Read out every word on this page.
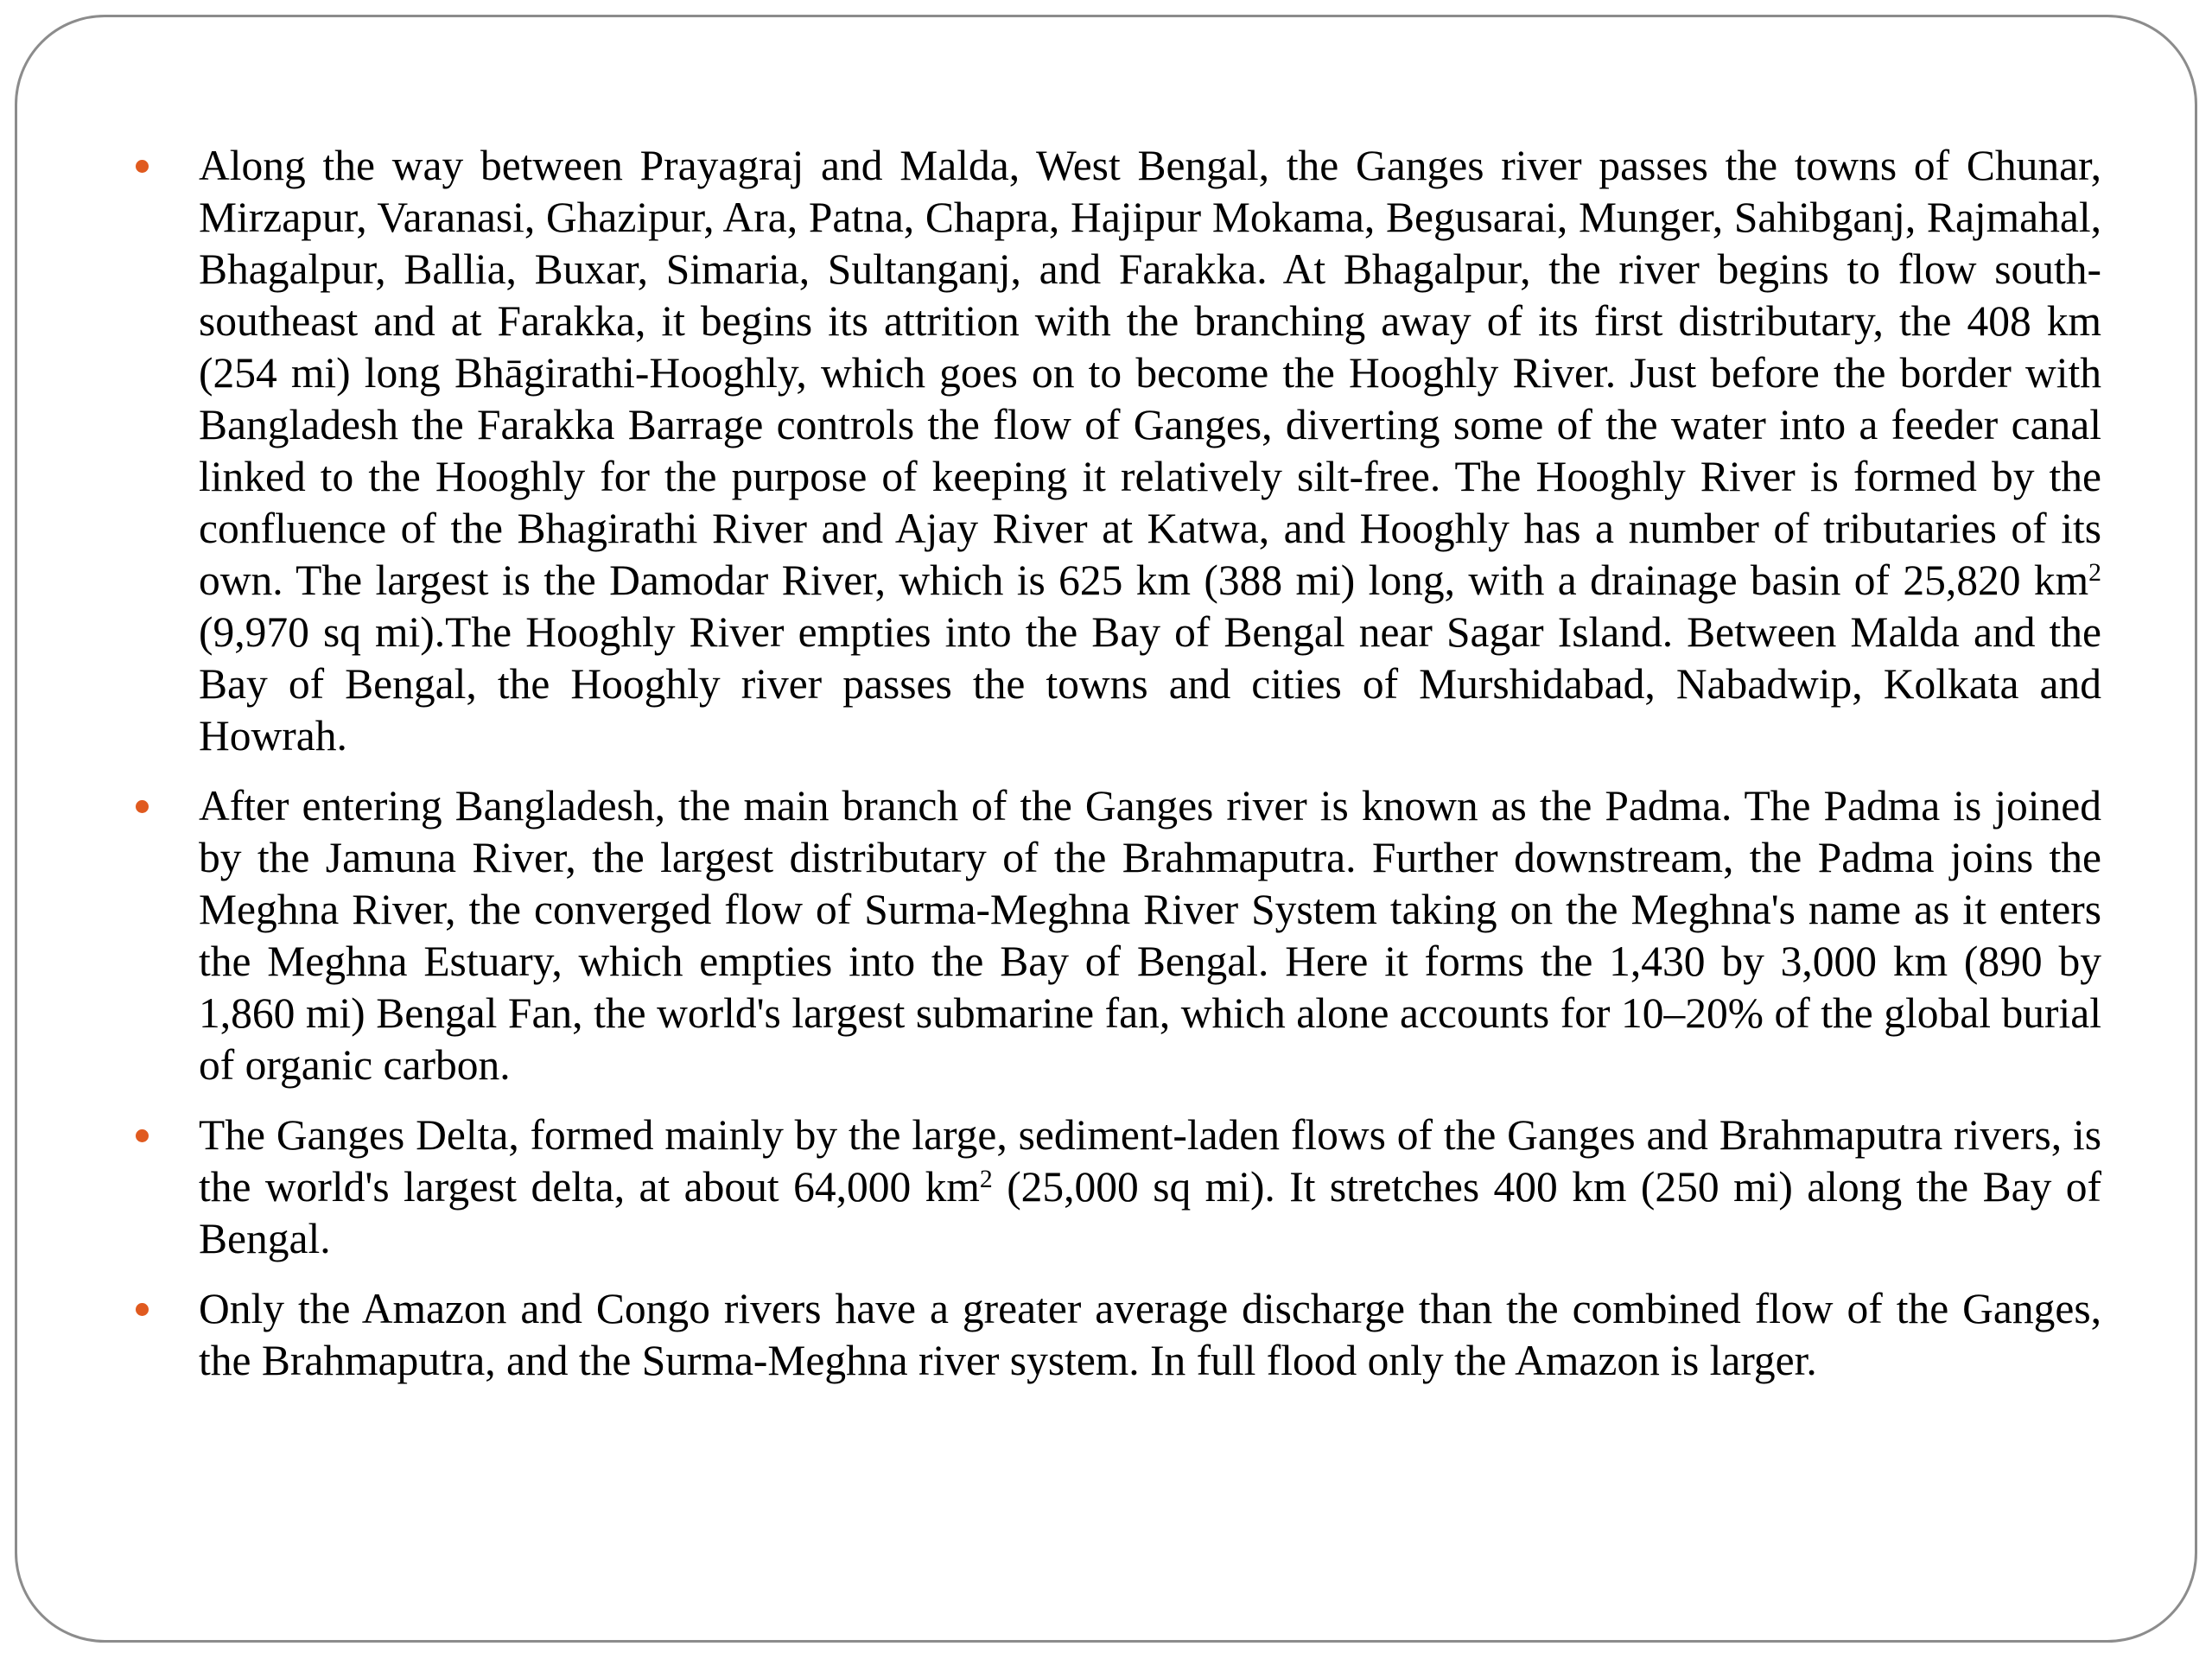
Along the way between Prayagraj and Malda, West Bengal, the Ganges river passes the towns of Chunar, Mirzapur, Varanasi, Ghazipur, Ara, Patna, Chapra, Hajipur Mokama, Begusarai, Munger, Sahibganj, Rajmahal, Bhagalpur, Ballia, Buxar, Simaria, Sultanganj, and Farakka. At Bhagalpur, the river begins to flow south-southeast and at Farakka, it begins its attrition with the branching away of its first distributary, the 408 km (254 mi) long Bhāgirathi-Hooghly, which goes on to become the Hooghly River. Just before the border with Bangladesh the Farakka Barrage controls the flow of Ganges, diverting some of the water into a feeder canal linked to the Hooghly for the purpose of keeping it relatively silt-free. The Hooghly River is formed by the confluence of the Bhagirathi River and Ajay River at Katwa, and Hooghly has a number of tributaries of its own. The largest is the Damodar River, which is 625 km (388 mi) long, with a drainage basin of 25,820 $km^2$ (9,970 sq mi).The Hooghly River empties into the Bay of Bengal near Sagar Island. Between Malda and the Bay of Bengal, the Hooghly river passes the towns and cities of Murshidabad, Nabadwip, Kolkata and Howrah.
After entering Bangladesh, the main branch of the Ganges river is known as the Padma. The Padma is joined by the Jamuna River, the largest distributary of the Brahmaputra. Further downstream, the Padma joins the Meghna River, the converged flow of Surma-Meghna River System taking on the Meghna's name as it enters the Meghna Estuary, which empties into the Bay of Bengal. Here it forms the 1,430 by 3,000 km (890 by 1,860 mi) Bengal Fan, the world's largest submarine fan, which alone accounts for 10–20% of the global burial of organic carbon.
The Ganges Delta, formed mainly by the large, sediment-laden flows of the Ganges and Brahmaputra rivers, is the world's largest delta, at about 64,000 $km^2$ (25,000 sq mi). It stretches 400 km (250 mi) along the Bay of Bengal.
Only the Amazon and Congo rivers have a greater average discharge than the combined flow of the Ganges, the Brahmaputra, and the Surma-Meghna river system. In full flood only the Amazon is larger.
